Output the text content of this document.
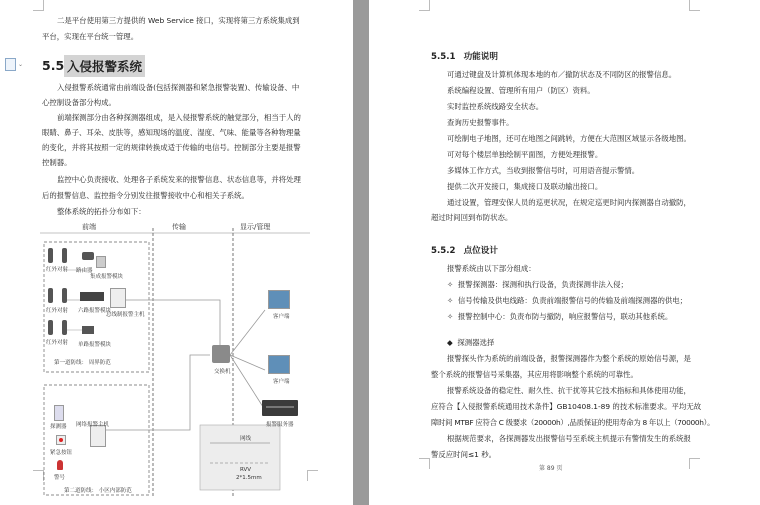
二是平台使用第三方提供的 Web Service 接口，实现将第三方系统集成到
平台，实现在平台统一管理。
⌄ 5.5 入侵报警系统
入侵报警系统通常由前端设备(包括探测器和紧急报警装置)、传输设备、中
心控制设备部分构成。
前端探测部分由各种探测器组成，是入侵报警系统的触觉部分，相当于人的
眼睛、鼻子、耳朵、皮肤等，感知现场的温度、湿度、气味、能量等各种物理量
的变化，并将其按照一定的规律转换成适于传输的电信号。控制部分主要是报警
控制器。
监控中心负责接收、处理各子系统发来的报警信息、状态信息等，并将处理
后的报警信息、监控指令分别发往报警接收中心和相关子系统。
整体系统的拓扑分布如下：
前端	传输	显示/管理
红外对射 路由器
集成报警模块
红外对射 六路报警模块
总线制报警主机
红外对射 单路报警模块
第一道防线： 周界防范
交换机
客户端
客户端
报警服务器
探测器
紧急按钮
警号
网络报警主机
第二道防线： 小区内部防范
网线
RVV
2*1.5mm
5.5.1 功能说明
可通过键盘及计算机体现本地的布／撤防状态及不同防区的报警信息。
系统编程设置、管理所有用户（防区）资料。
实时监控系统线路安全状态。
查询历史报警事件。
可绘制电子地图，还可在地图之间跳转，方便在大范围区域显示各级地图。
可对每个楼层单独绘制平面图，方便处理报警。
多媒体工作方式，当收到报警信号时，可用语音提示警情。
提供二次开发接口，集成接口及联动输出接口。
通过设置，管理安保人员的巡更状况，在规定巡更时间内探测器自动撤防，
超过时间回到布防状态。
5.5.2 点位设计
报警系统由以下部分组成：
✧ 报警探测器：探测和执行设备，负责探测非法入侵；
✧ 信号传输及供电线路：负责前端报警信号的传输及前端探测器的供电；
✧ 报警控制中心：负责布防与撤防，响应报警信号，联动其他系统。
◆ 探测器选择
报警探头作为系统的前端设备，报警探测器作为整个系统的原始信号源，是
整个系统的报警信号采集器，其应用将影响整个系统的可靠性。
报警系统设备的稳定性、耐久性、抗干扰等其它技术指标和具体使用功能，
应符合【入侵报警系统通用技术条件】GB10408.1-89 的技术标准要求。平均无故
障时间 MTBF 应符合 C 级要求（20000h）,品质保证的使用寿命为 8 年以上（70000h）。
根据规范要求，各探测器发出报警信号至系统主机提示有警情发生的系统报
警反应时间≤1 秒。
第 89 页
